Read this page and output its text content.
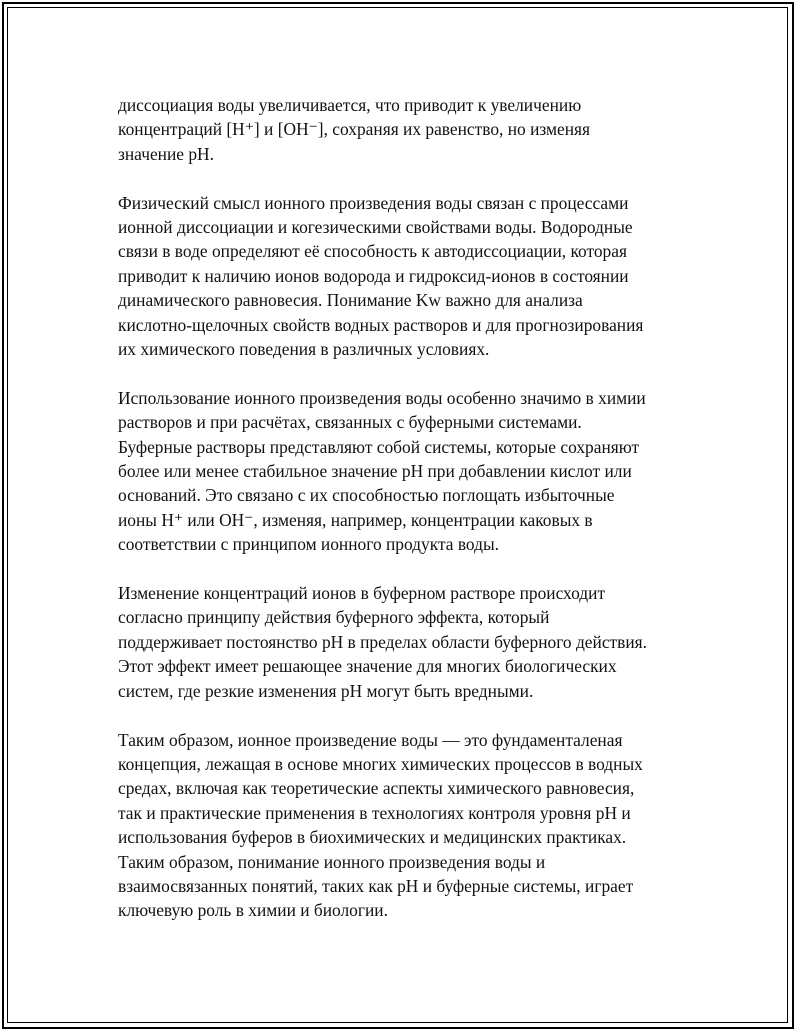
диссоциация воды увеличивается, что приводит к увеличению
концентраций [H⁺] и [OH⁻], сохраняя их равенство, но изменяя
значение pH.

Физический смысл ионного произведения воды связан с процессами
ионной диссоциации и когезическими свойствами воды. Водородные
связи в воде определяют её способность к автодиссоциации, которая
приводит к наличию ионов водорода и гидроксид-ионов в состоянии
динамического равновесия. Понимание Kw важно для анализа
кислотно-щелочных свойств водных растворов и для прогнозирования
их химического поведения в различных условиях.

Использование ионного произведения воды особенно значимо в химии
растворов и при расчётах, связанных с буферными системами.
Буферные растворы представляют собой системы, которые сохраняют
более или менее стабильное значение pH при добавлении кислот или
оснований. Это связано с их способностью поглощать избыточные
ионы H⁺ или OH⁻, изменяя, например, концентрации каковых в
соответствии с принципом ионного продукта воды.

Изменение концентраций ионов в буферном растворе происходит
согласно принципу действия буферного эффекта, который
поддерживает постоянство pH в пределах области буферного действия.
Этот эффект имеет решающее значение для многих биологических
систем, где резкие изменения pH могут быть вредными.

Таким образом, ионное произведение воды — это фундаменталеная
концепция, лежащая в основе многих химических процессов в водных
средах, включая как теоретические аспекты химического равновесия,
так и практические применения в технологиях контроля уровня pH и
использования буферов в биохимических и медицинских практиках.
Таким образом, понимание ионного произведения воды и
взаимосвязанных понятий, таких как pH и буферные системы, играет
ключевую роль в химии и биологии.
